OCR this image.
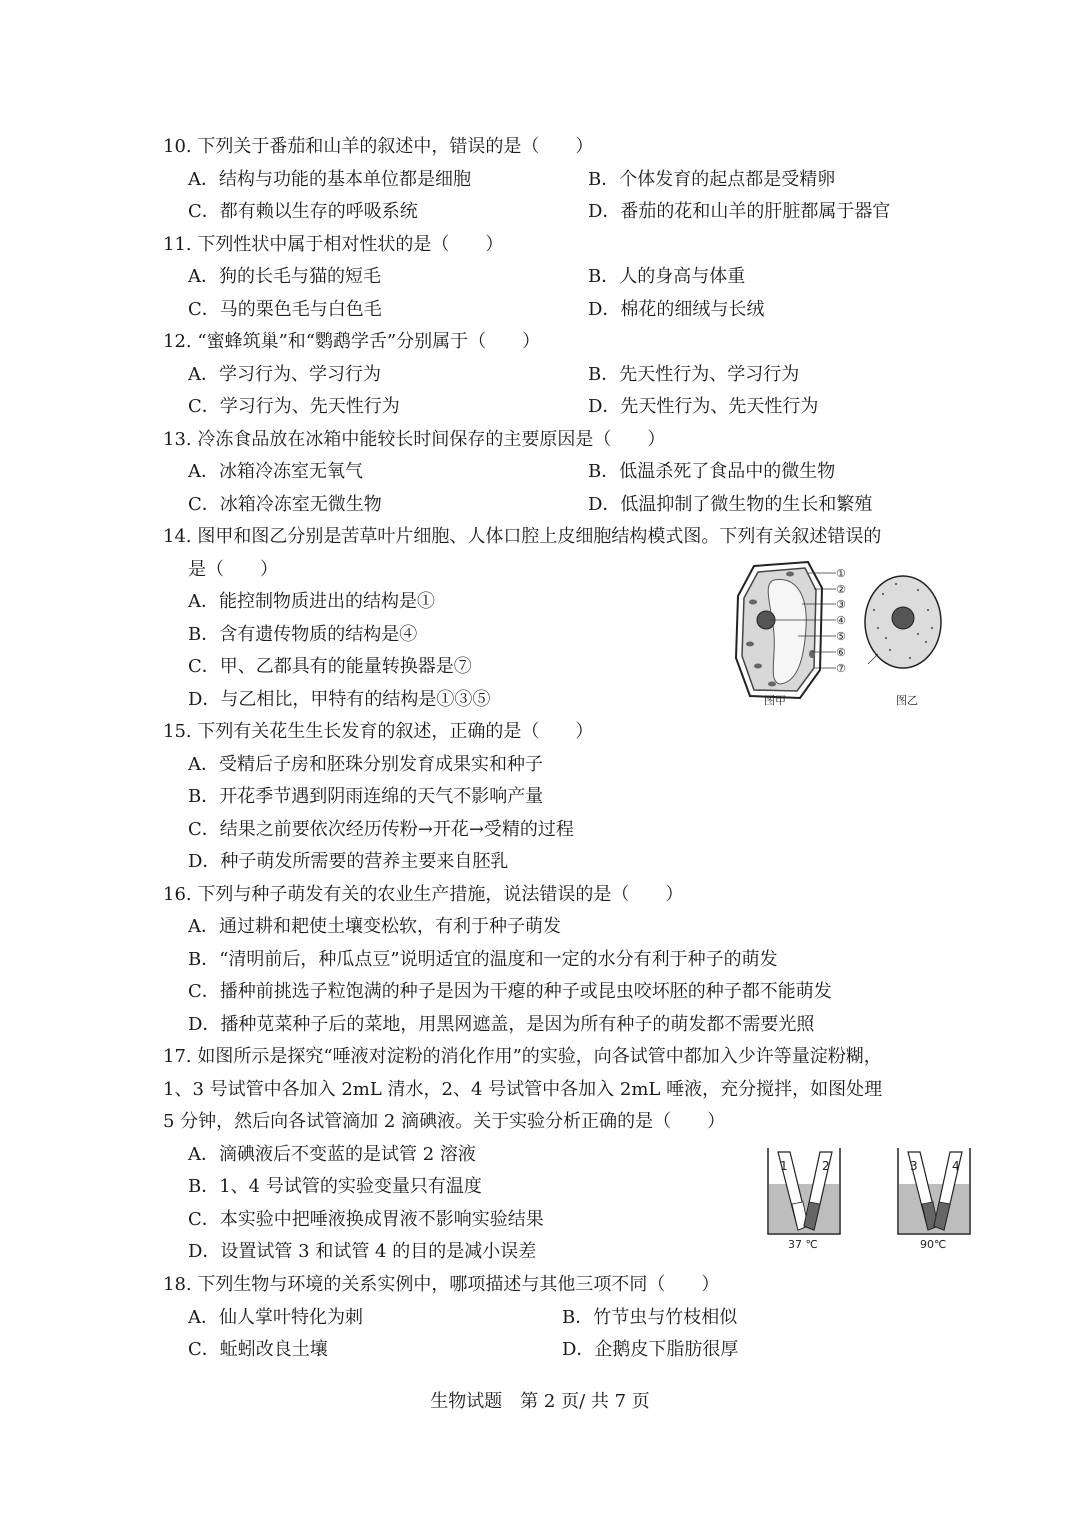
10. 下列关于番茄和山羊的叙述中，错误的是（　　）
A．结构与功能的基本单位都是细胞	B．个体发育的起点都是受精卵
C．都有赖以生存的呼吸系统	D．番茄的花和山羊的肝脏都属于器官
11. 下列性状中属于相对性状的是（　　）
A．狗的长毛与猫的短毛	B．人的身高与体重
C．马的栗色毛与白色毛	D．棉花的细绒与长绒
12. “蜜蜂筑巢”和“鹦鹉学舌”分别属于（　　）
A．学习行为、学习行为	B．先天性行为、学习行为
C．学习行为、先天性行为	D．先天性行为、先天性行为
13. 冷冻食品放在冰箱中能较长时间保存的主要原因是（　　）
A．冰箱冷冻室无氧气	B．低温杀死了食品中的微生物
C．冰箱冷冻室无微生物	D．低温抑制了微生物的生长和繁殖
14. 图甲和图乙分别是苦草叶片细胞、人体口腔上皮细胞结构模式图。下列有关叙述错误的
是（　　）
A．能控制物质进出的结构是①
B．含有遗传物质的结构是④
C．甲、乙都具有的能量转换器是⑦
D．与乙相比，甲特有的结构是①③⑤
①
②
③
④
⑤
⑥
⑦
图甲	图乙
15. 下列有关花生生长发育的叙述，正确的是（　　）
A．受精后子房和胚珠分别发育成果实和种子
B．开花季节遇到阴雨连绵的天气不影响产量
C．结果之前要依次经历传粉→开花→受精的过程
D．种子萌发所需要的营养主要来自胚乳
16. 下列与种子萌发有关的农业生产措施，说法错误的是（　　）
A．通过耕和耙使土壤变松软，有利于种子萌发
B．“清明前后，种瓜点豆”说明适宜的温度和一定的水分有利于种子的萌发
C．播种前挑选子粒饱满的种子是因为干瘪的种子或昆虫咬坏胚的种子都不能萌发
D．播种苋菜种子后的菜地，用黑网遮盖，是因为所有种子的萌发都不需要光照
17. 如图所示是探究“唾液对淀粉的消化作用”的实验，向各试管中都加入少许等量淀粉糊，
1、3 号试管中各加入 2mL 清水，2、4 号试管中各加入 2mL 唾液，充分搅拌，如图处理
5 分钟，然后向各试管滴加 2 滴碘液。关于实验分析正确的是（　　）
A．滴碘液后不变蓝的是试管 2 溶液
B．1、4 号试管的实验变量只有温度
C．本实验中把唾液换成胃液不影响实验结果
D．设置试管 3 和试管 4 的目的是减小误差
1	2
37 ℃
3	4
90℃
18. 下列生物与环境的关系实例中，哪项描述与其他三项不同（　　）
A．仙人掌叶特化为刺	B．竹节虫与竹枝相似
C．蚯蚓改良土壤	D．企鹅皮下脂肪很厚
生物试题　第 2 页/ 共 7 页
